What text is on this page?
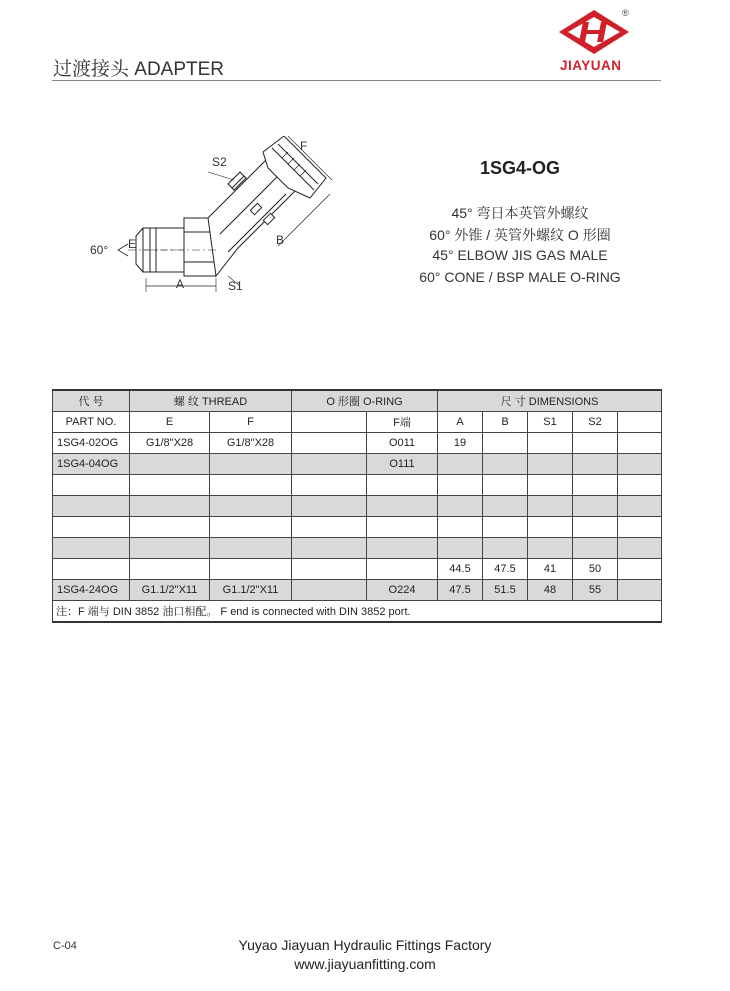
过渡接头 ADAPTER
®
JIAYUAN
S2
F
B
A	S1
E
60°
1SG4-OG
45° 弯日本英管外螺纹
60° 外锥 / 英管外螺纹 O 形圈
45° ELBOW JIS GAS MALE
60° CONE / BSP MALE O-RING
代 号	螺 纹 THREAD		O 形圈 O-RING		尺 寸 DIMENSIONS				
PART NO.	E	F		F端	A	B	S1	S2	
1SG4-02OG	G1/8"X28	G1/8"X28		O011	19				
1SG4-04OG				O111					

					44.5	47.5	41	50	
1SG4-24OG	G1.1/2"X11	G1.1/2"X11		O224	47.5	51.5	48	55	
注：F 端与 DIN 3852 油口相配。 F end is connected with DIN 3852 port.									
C-04	Yuyao Jiayuan Hydraulic Fittings Factory
www.jiayuanfitting.com
